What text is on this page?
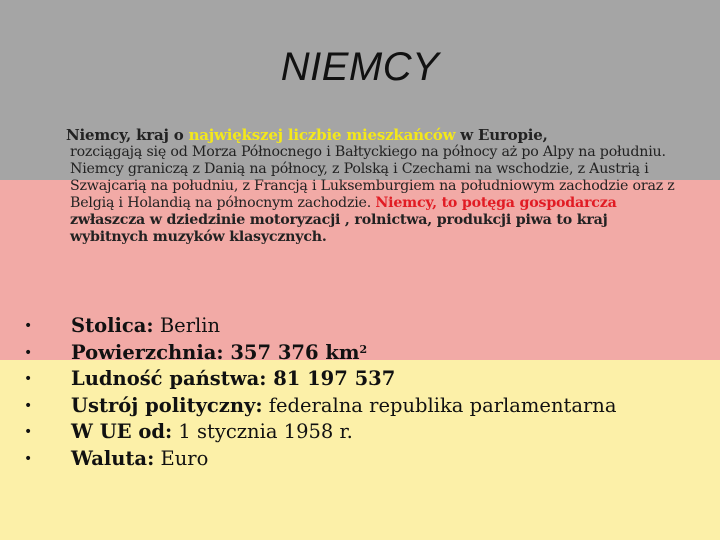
NIEMCY
Niemcy, kraj o największej liczbie mieszkańców w Europie,
rozciągają się od Morza Północnego i Bałtyckiego na północy aż po Alpy na południu. Niemcy graniczą z Danią na północy, z Polską i Czechami na wschodzie, z Austrią i Szwajcarią na południu, z Francją i Luksemburgiem na południowym zachodzie oraz z Belgią i Holandią na północnym zachodzie. Niemcy, to potęga gospodarcza zwłaszcza w dziedzinie motoryzacji , rolnictwa, produkcji piwa to kraj wybitnych muzyków klasycznych.
• Stolica: Berlin
• Powierzchnia: 357 376 $km^2$
• Ludność państwa: 81 197 537
• Ustrój polityczny: federalna republika parlamentarna
• W UE od: 1 stycznia 1958 r.
• Waluta: Euro
